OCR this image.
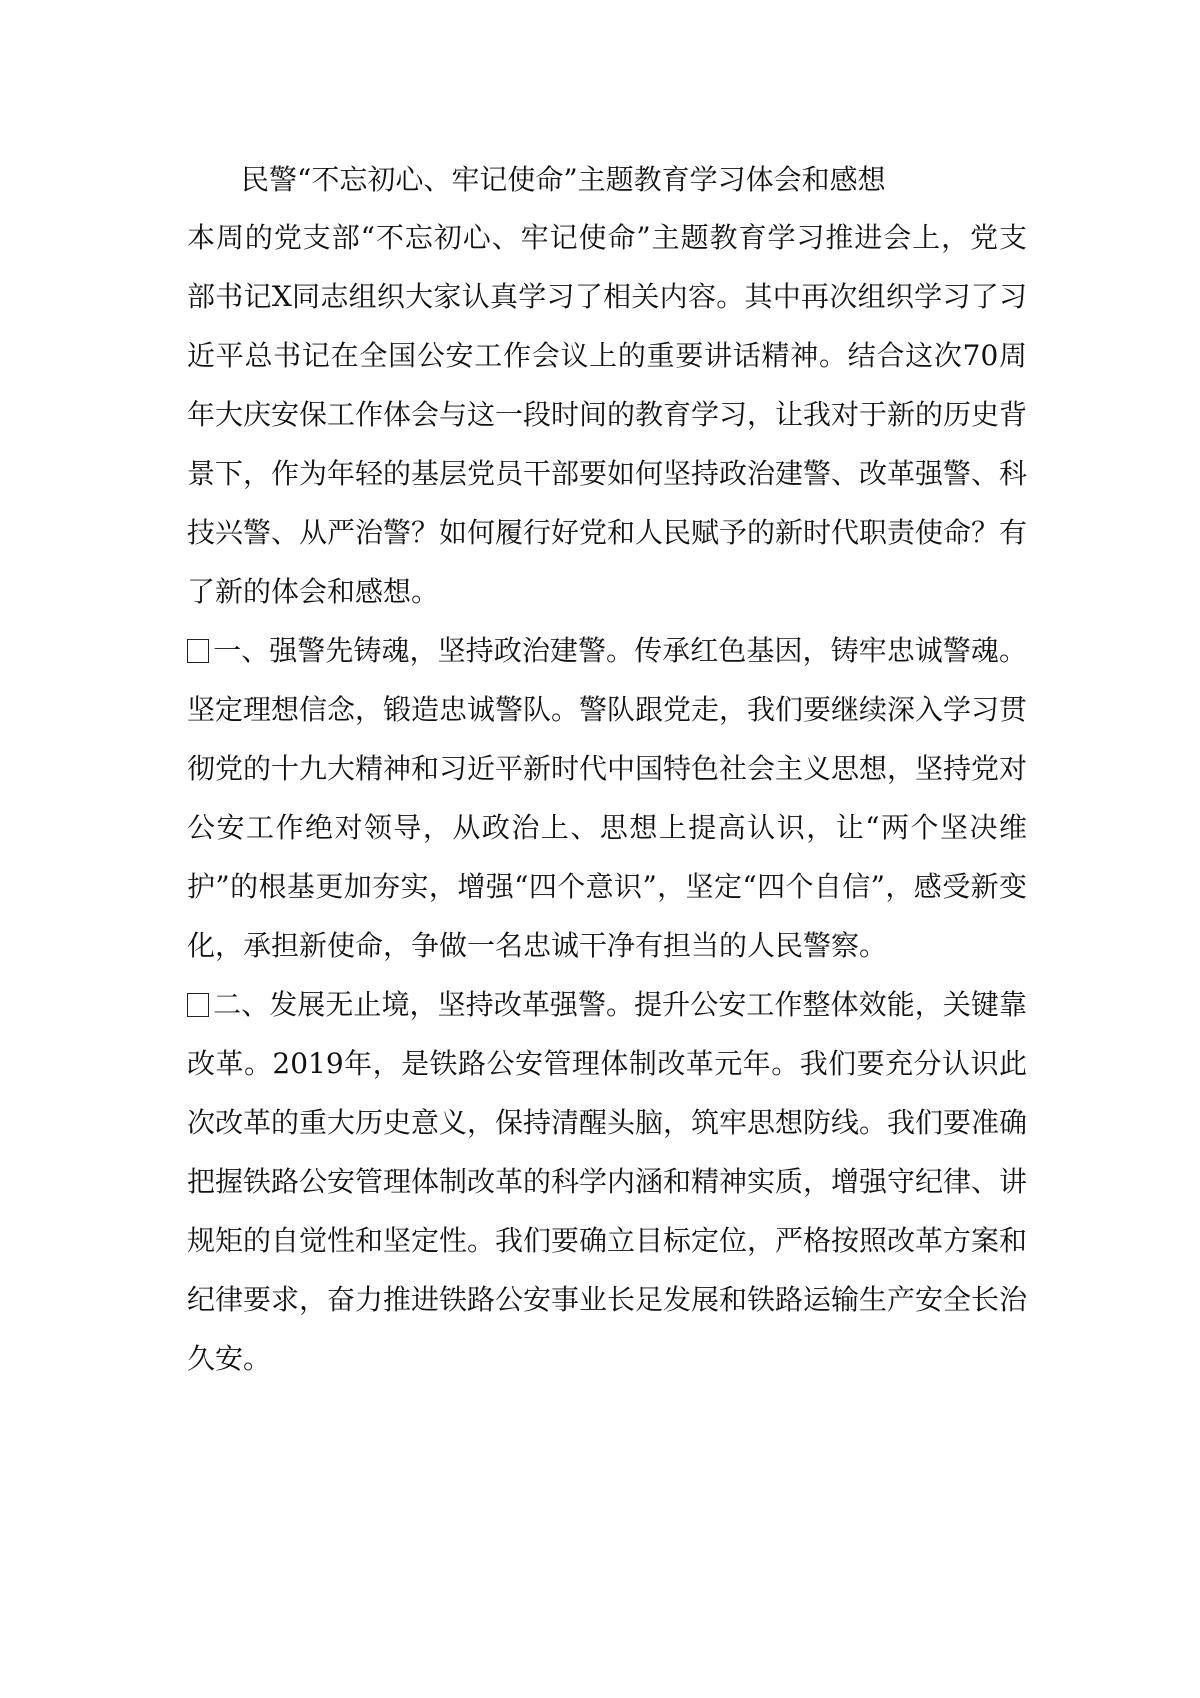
民警“不忘初心、牢记使命”主题教育学习体会和感想

本周的党支部“不忘初心、牢记使命”主题教育学习推进会上，党支部书记X同志组织大家认真学习了相关内容。其中再次组织学习了习近平总书记在全国公安工作会议上的重要讲话精神。结合这次70周年大庆安保工作体会与这一段时间的教育学习，让我对于新的历史背景下，作为年轻的基层党员干部要如何坚持政治建警、改革强警、科技兴警、从严治警？如何履行好党和人民赋予的新时代职责使命？有了新的体会和感想。

一、强警先铸魂，坚持政治建警。传承红色基因，铸牢忠诚警魂。坚定理想信念，锻造忠诚警队。警队跟党走，我们要继续深入学习贯彻党的十九大精神和习近平新时代中国特色社会主义思想，坚持党对公安工作绝对领导，从政治上、思想上提高认识，让“两个坚决维护”的根基更加夯实，增强“四个意识”，坚定“四个自信”，感受新变化，承担新使命，争做一名忠诚干净有担当的人民警察。

二、发展无止境，坚持改革强警。提升公安工作整体效能，关键靠改革。2019年，是铁路公安管理体制改革元年。我们要充分认识此次改革的重大历史意义，保持清醒头脑，筑牢思想防线。我们要准确把握铁路公安管理体制改革的科学内涵和精神实质，增强守纪律、讲规矩的自觉性和坚定性。我们要确立目标定位，严格按照改革方案和纪律要求，奋力推进铁路公安事业长足发展和铁路运输生产安全长治久安。
